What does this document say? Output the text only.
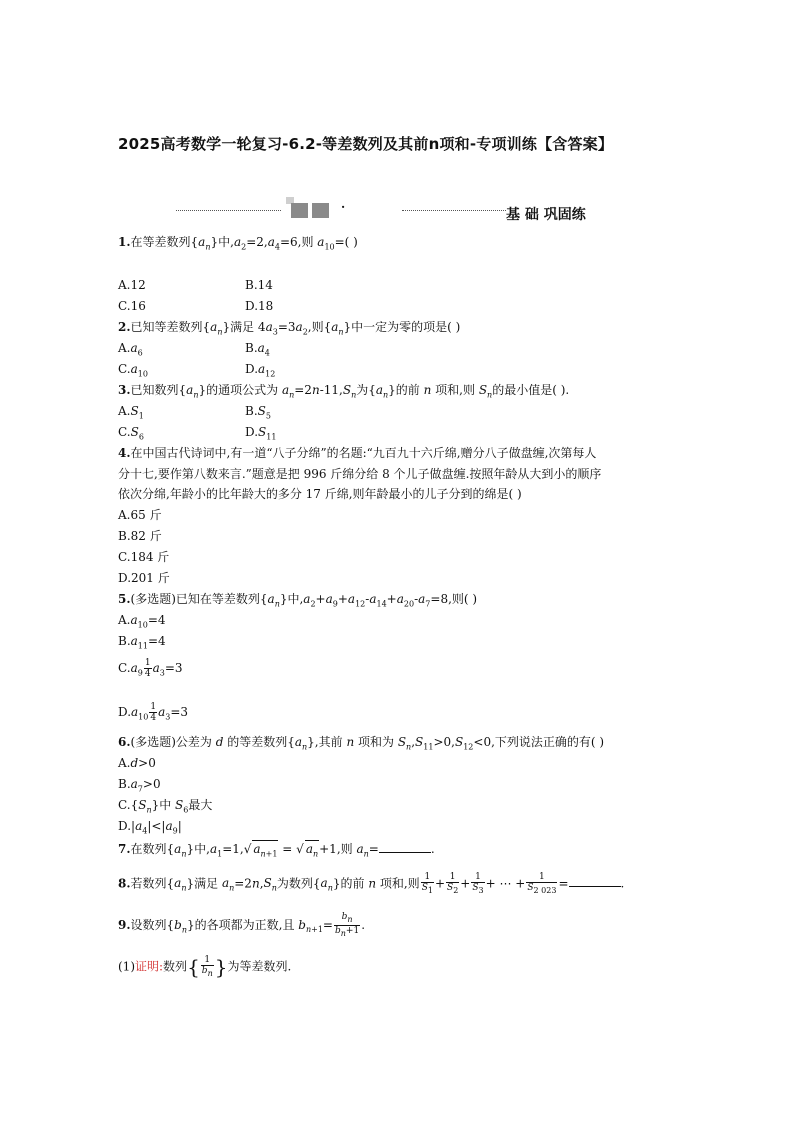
2025高考数学一轮复习-6.2-等差数列及其前n项和-专项训练【含答案】
·	基 础 巩固练
1.在等差数列$\{a_n\}$中$,a_2=2,a_4=6$,则 $a_{10}=$( )
A.12	B.14
C.16	D.18
2.已知等差数列$\{a_n\}$满足 $4a_3=3a_2$,则$\{a_n\}$中一定为零的项是( )
$A.a_6$	$B.a_4$
$C.a_{10}$	$D.a_{12}$
3.已知数列$\{a_n\}$的通项公式为 $a_n=2n-11,S_n$为$\{a_n\}$的前 n 项和,则 $S_n$的最小值是( ).
$A.S_1$	$B.S_5$
$C.S_6$	$D.S_{11}$
4.在中国古代诗词中,有一道“八子分绵”的名题:“九百九十六斤绵,赠分八子做盘缠,次第每人
分十七,要作第八数来言.”题意是把 996 斤绵分给 8 个儿子做盘缠.按照年龄从大到小的顺序
依次分绵,年龄小的比年龄大的多分 17 斤绵,则年龄最小的儿子分到的绵是( )
A.65 斤
B.82 斤
C.184 斤
D.201 斤
5.(多选题)已知在等差数列$\{a_n\}$中$,a_2+a_9+a_{12}-a_{14}+a_{20}-a_7=8$,则( )
$A.a_{10}=4$
$B.a_{11}=4$
$C.a_9 \frac{1}{4} a_3=3$
$D.a_{10} \frac{1}{4} a_3=3$
6.(多选题)公差为 d 的等差数列$\{a_n\}$,其前 n 项和为 $S_n,S_{11}>0,S_{12}<0$,下列说法正确的有( )
A.d>0
$B.a_7>0$
$C.\{S_n\}$中 $S_6$最大
$D.|a_4|<|a_9|$
7.在数列$\{a_n\}$中$,a_1=1,√$ $a_{n+1}$ = √ $a_n+1$,则 $a_n=$	.
8.若数列$\{a_n\}$满足 $a_n=2n,S_n$为数列$\{a_n\}$的前 n 项和,则 $\frac{1}{S_1} + \frac{1}{S_2} + \frac{1}{S_3}$ + ⋯ + $\frac{1}{S_{2 023}}$ =	.
9.设数列$\{b_n\}$的各项都为正数,且 $b_{n+1}= \frac{b_n}{b_n+1}$ .
(1)证明:数列{ $\frac{1}{b_n}$ }为等差数列.
